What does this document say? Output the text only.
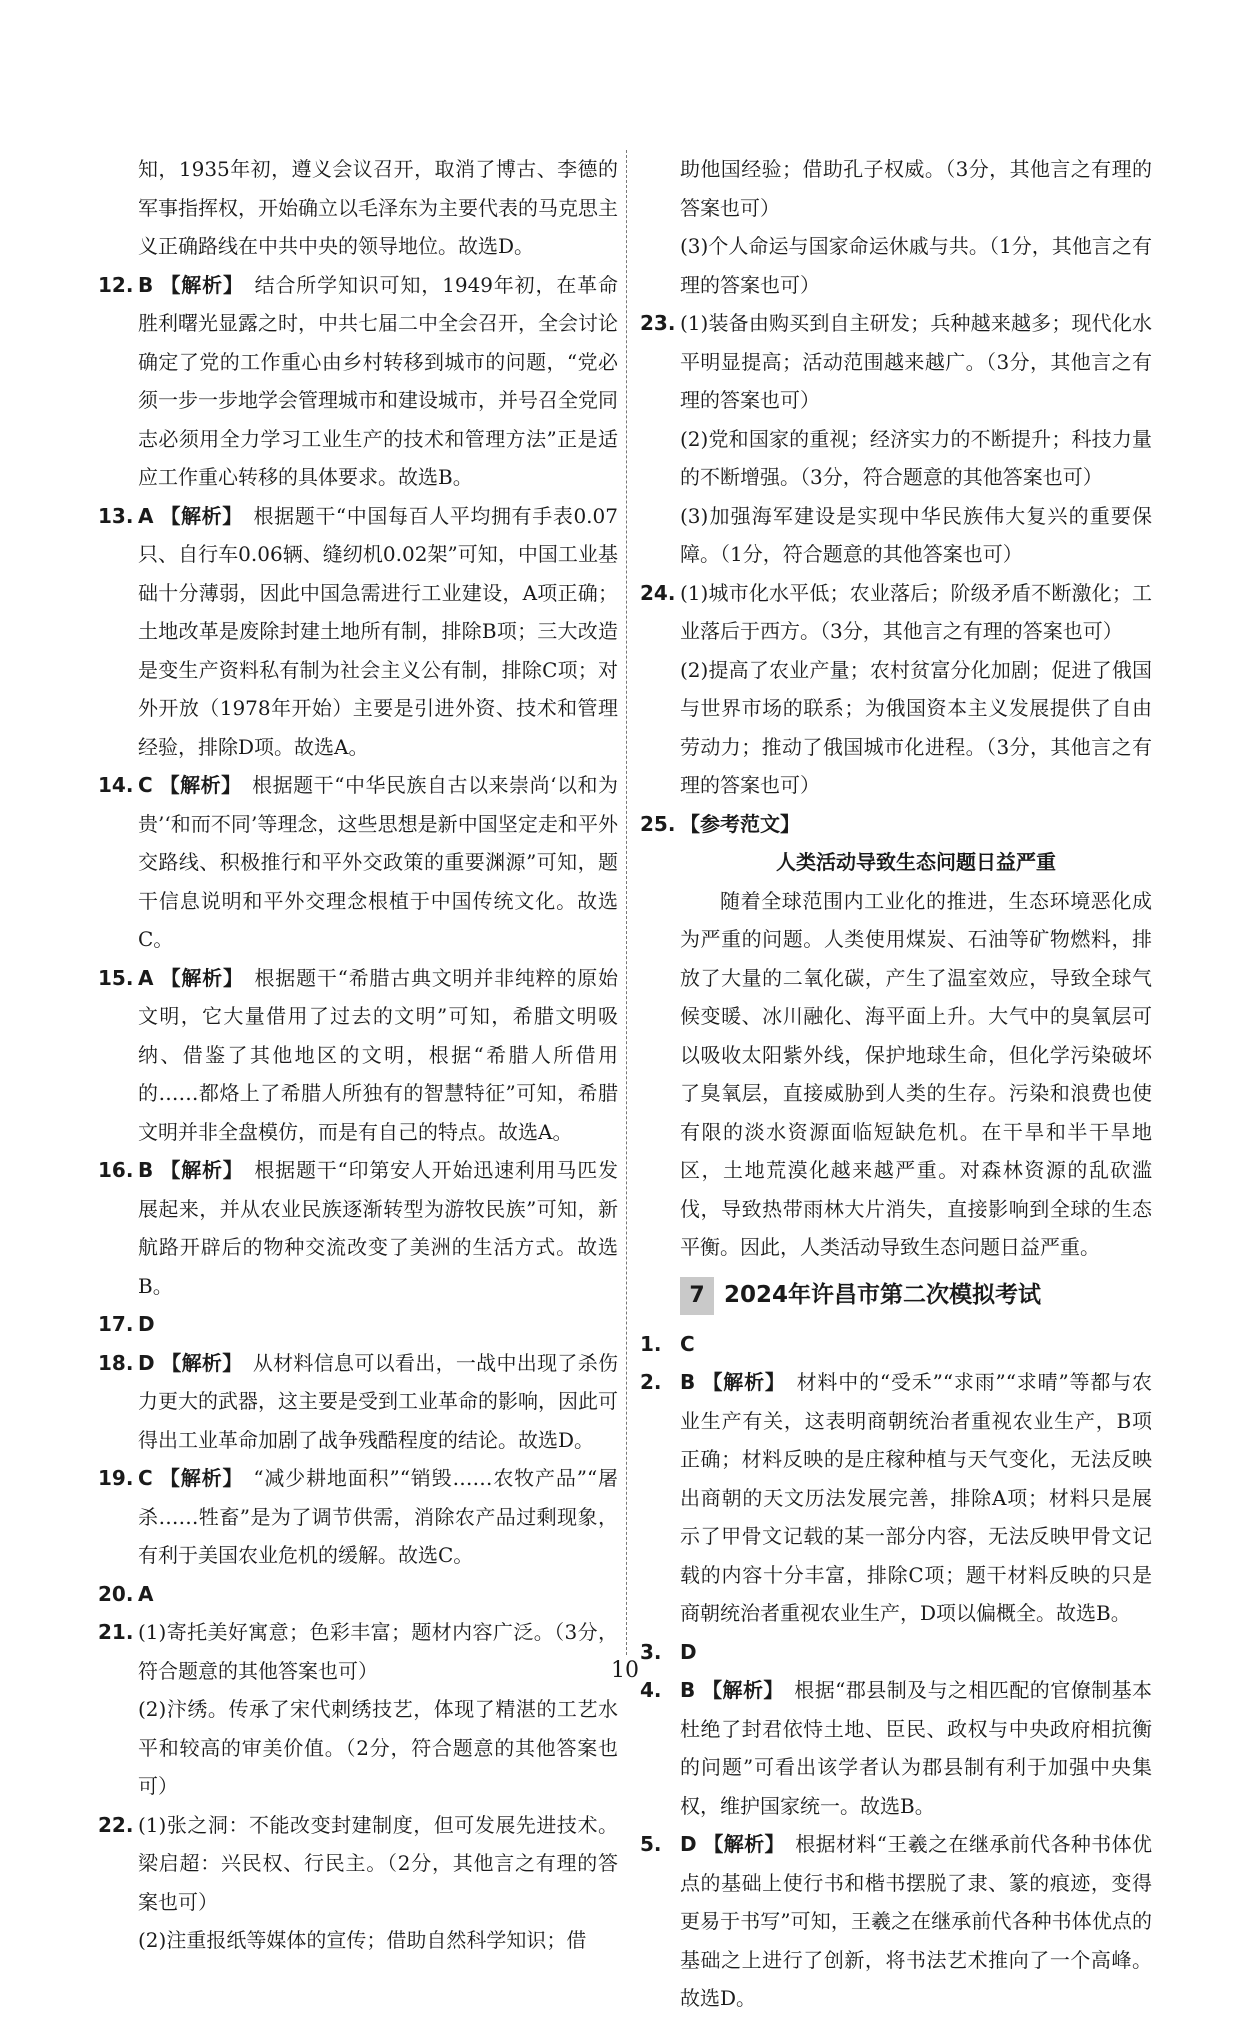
知，1935年初，遵义会议召开，取消了博古、李德的军事指挥权，开始确立以毛泽东为主要代表的马克思主义正确路线在中共中央的领导地位。故选D。
12. B 【解析】  结合所学知识可知，1949年初，在革命胜利曙光显露之时，中共七届二中全会召开，全会讨论确定了党的工作重心由乡村转移到城市的问题，“党必须一步一步地学会管理城市和建设城市，并号召全党同志必须用全力学习工业生产的技术和管理方法”正是适应工作重心转移的具体要求。故选B。
13. A 【解析】  根据题干“中国每百人平均拥有手表0.07只、自行车0.06辆、缝纫机0.02架”可知，中国工业基础十分薄弱，因此中国急需进行工业建设，A项正确；土地改革是废除封建土地所有制，排除B项；三大改造是变生产资料私有制为社会主义公有制，排除C项；对外开放（1978年开始）主要是引进外资、技术和管理经验，排除D项。故选A。
14. C 【解析】  根据题干“中华民族自古以来崇尚‘以和为贵’‘和而不同’等理念，这些思想是新中国坚定走和平外交路线、积极推行和平外交政策的重要渊源”可知，题干信息说明和平外交理念根植于中国传统文化。故选C。
15. A 【解析】  根据题干“希腊古典文明并非纯粹的原始文明，它大量借用了过去的文明”可知，希腊文明吸纳、借鉴了其他地区的文明，根据“希腊人所借用的……都烙上了希腊人所独有的智慧特征”可知，希腊文明并非全盘模仿，而是有自己的特点。故选A。
16. B 【解析】  根据题干“印第安人开始迅速利用马匹发展起来，并从农业民族逐渐转型为游牧民族”可知，新航路开辟后的物种交流改变了美洲的生活方式。故选B。
17. D
18. D 【解析】  从材料信息可以看出，一战中出现了杀伤力更大的武器，这主要是受到工业革命的影响，因此可得出工业革命加剧了战争残酷程度的结论。故选D。
19. C 【解析】  “减少耕地面积”“销毁……农牧产品”“屠杀……牲畜”是为了调节供需，消除农产品过剩现象，有利于美国农业危机的缓解。故选C。
20. A
21. (1)寄托美好寓意；色彩丰富；题材内容广泛。（3分，符合题意的其他答案也可）
(2)汴绣。传承了宋代刺绣技艺，体现了精湛的工艺水平和较高的审美价值。（2分，符合题意的其他答案也可）
22. (1)张之洞：不能改变封建制度，但可发展先进技术。梁启超：兴民权、行民主。（2分，其他言之有理的答案也可）
(2)注重报纸等媒体的宣传；借助自然科学知识；借
助他国经验；借助孔子权威。（3分，其他言之有理的答案也可）
(3)个人命运与国家命运休戚与共。（1分，其他言之有理的答案也可）
23. (1)装备由购买到自主研发；兵种越来越多；现代化水平明显提高；活动范围越来越广。（3分，其他言之有理的答案也可）
(2)党和国家的重视；经济实力的不断提升；科技力量的不断增强。（3分，符合题意的其他答案也可）
(3)加强海军建设是实现中华民族伟大复兴的重要保障。（1分，符合题意的其他答案也可）
24. (1)城市化水平低；农业落后；阶级矛盾不断激化；工业落后于西方。（3分，其他言之有理的答案也可）
(2)提高了农业产量；农村贫富分化加剧；促进了俄国与世界市场的联系；为俄国资本主义发展提供了自由劳动力；推动了俄国城市化进程。（3分，其他言之有理的答案也可）
25. 【参考范文】
人类活动导致生态问题日益严重
随着全球范围内工业化的推进，生态环境恶化成为严重的问题。人类使用煤炭、石油等矿物燃料，排放了大量的二氧化碳，产生了温室效应，导致全球气候变暖、冰川融化、海平面上升。大气中的臭氧层可以吸收太阳紫外线，保护地球生命，但化学污染破坏了臭氧层，直接威胁到人类的生存。污染和浪费也使有限的淡水资源面临短缺危机。在干旱和半干旱地区，土地荒漠化越来越严重。对森林资源的乱砍滥伐，导致热带雨林大片消失，直接影响到全球的生态平衡。因此，人类活动导致生态问题日益严重。
7 2024年许昌市第二次模拟考试
1. C
2. B 【解析】  材料中的“受禾”“求雨”“求晴”等都与农业生产有关，这表明商朝统治者重视农业生产，B项正确；材料反映的是庄稼种植与天气变化，无法反映出商朝的天文历法发展完善，排除A项；材料只是展示了甲骨文记载的某一部分内容，无法反映甲骨文记载的内容十分丰富，排除C项；题干材料反映的只是商朝统治者重视农业生产，D项以偏概全。故选B。
3. D
4. B 【解析】  根据“郡县制及与之相匹配的官僚制基本杜绝了封君依恃土地、臣民、政权与中央政府相抗衡的问题”可看出该学者认为郡县制有利于加强中央集权，维护国家统一。故选B。
5. D 【解析】  根据材料“王羲之在继承前代各种书体优点的基础上使行书和楷书摆脱了隶、篆的痕迹，变得更易于书写”可知，王羲之在继承前代各种书体优点的基础之上进行了创新，将书法艺术推向了一个高峰。故选D。
10
